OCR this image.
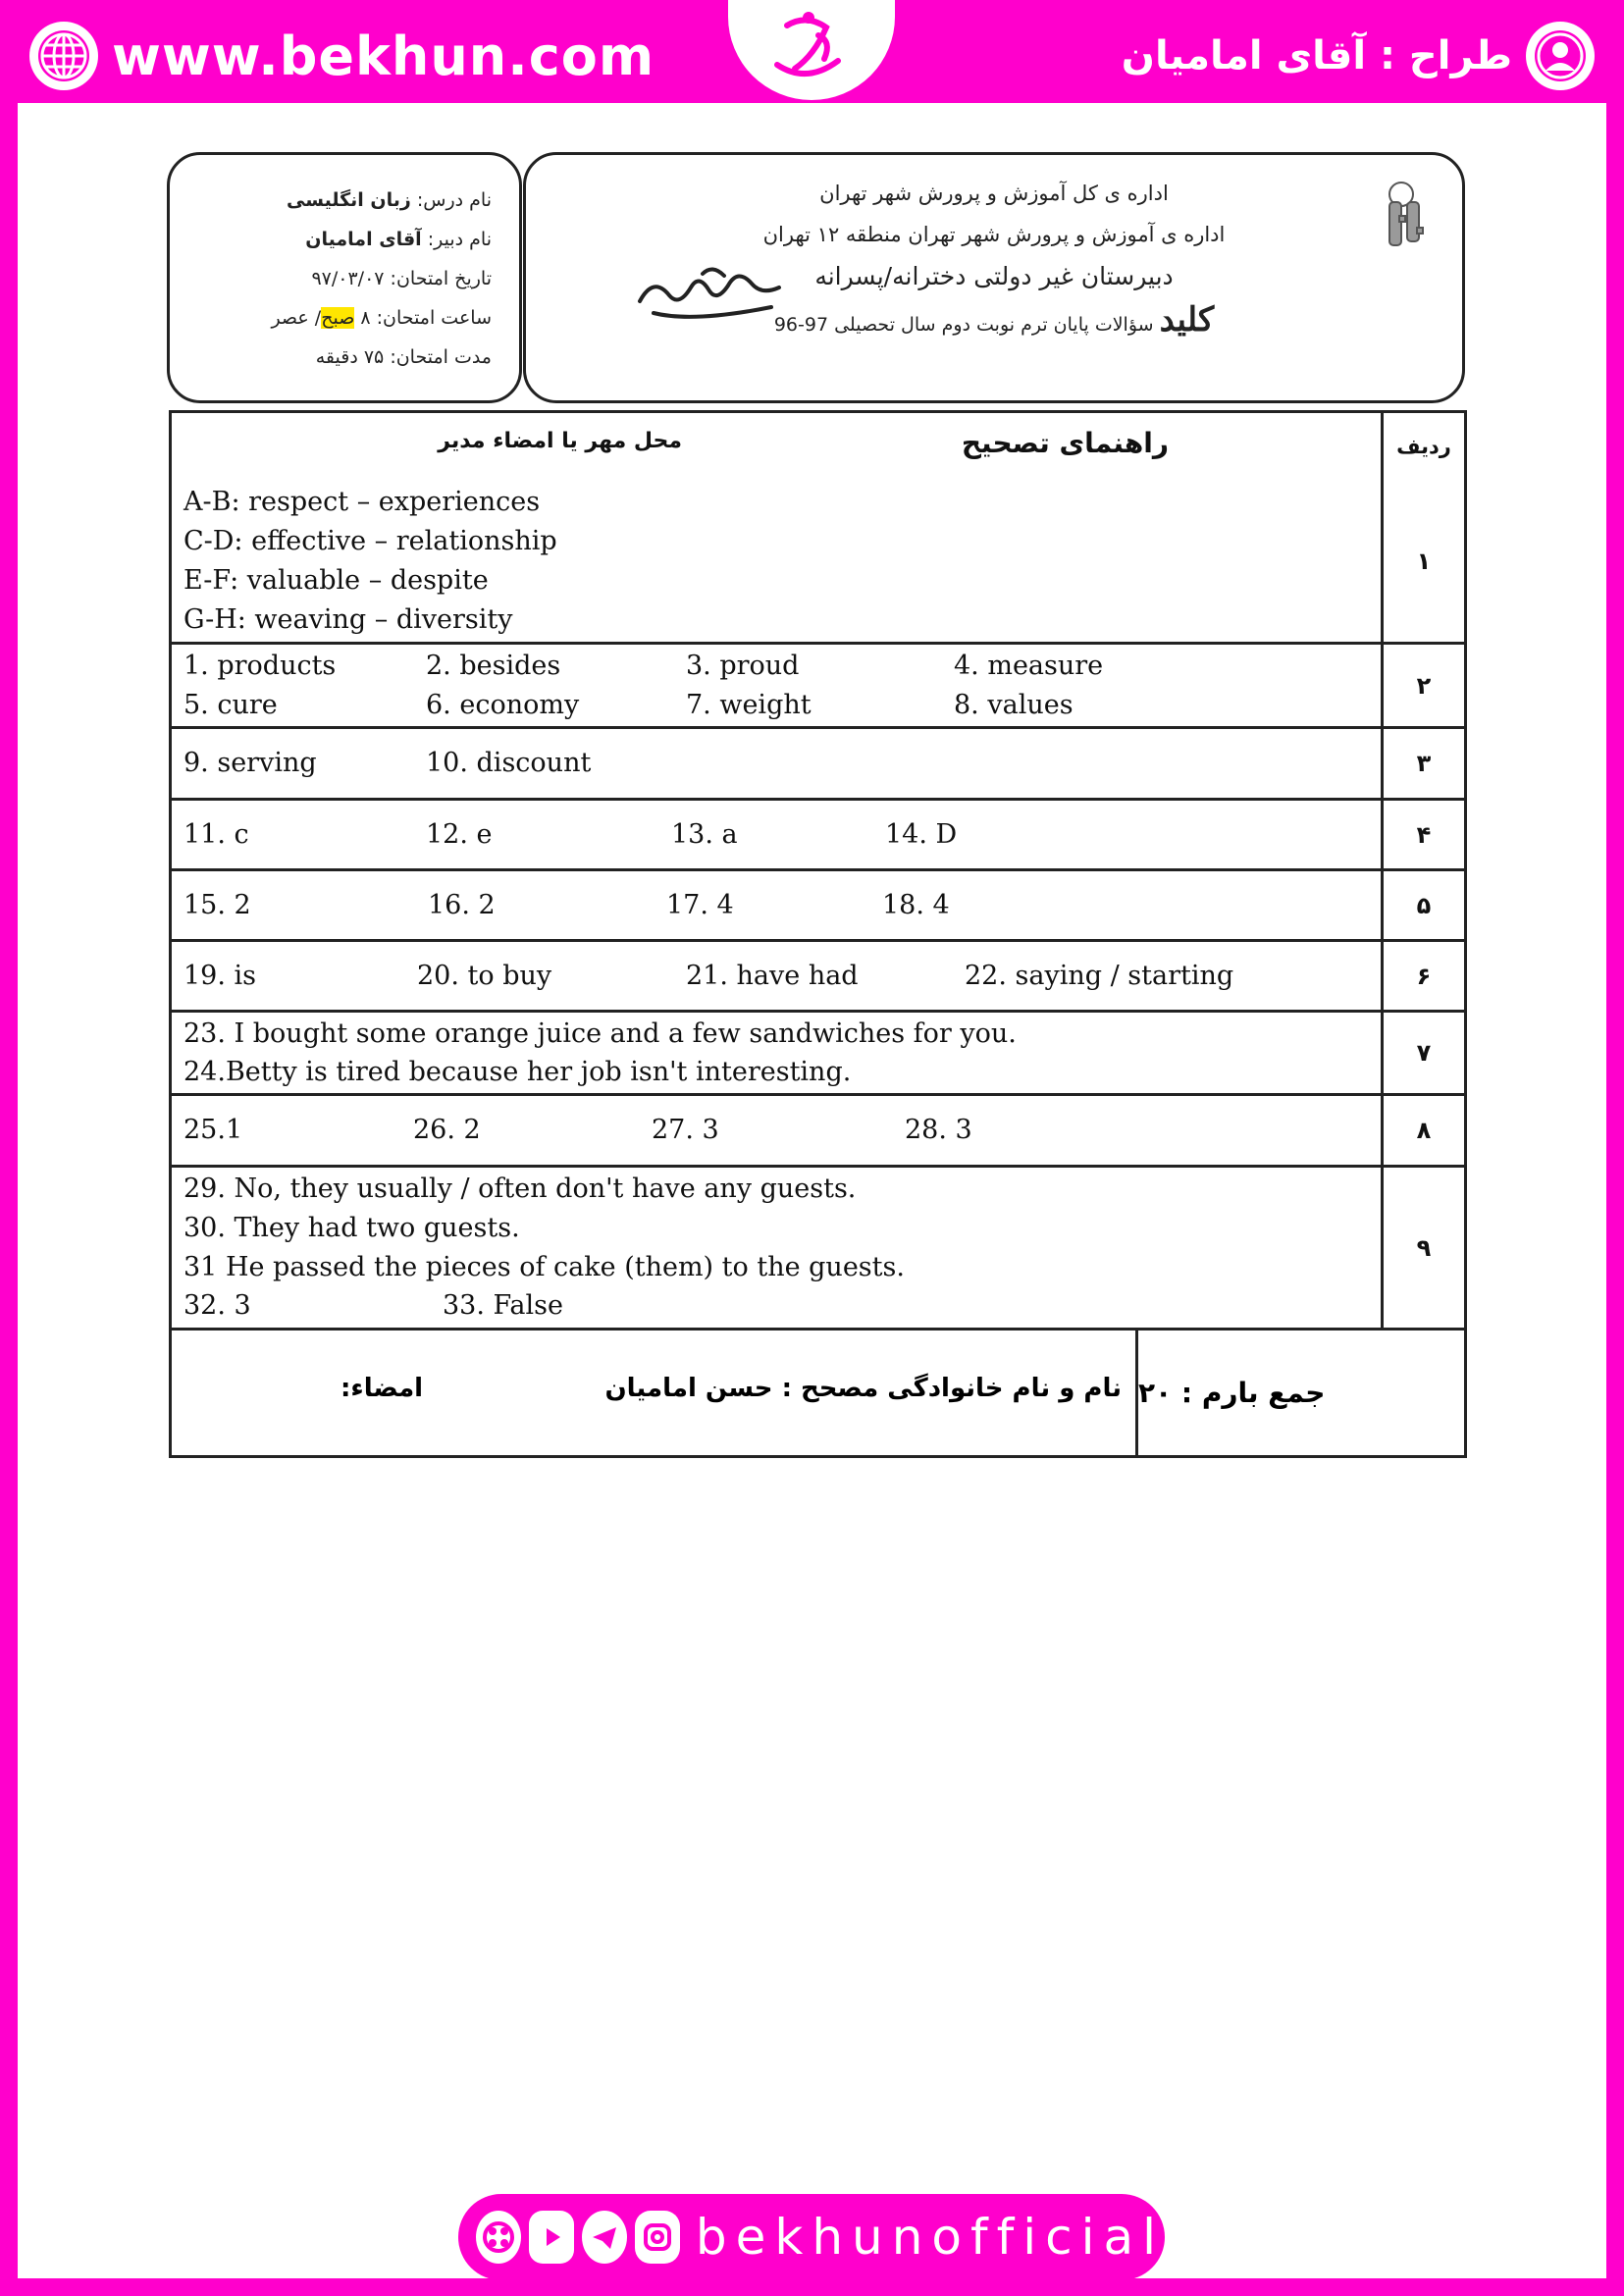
www.bekhun.com	طراح : آقای امامیان
نام درس: زبان انگلیسی
نام دبیر: آقای امامیان
تاریخ امتحان: ۹۷/۰۳/۰۷
ساعت امتحان: ۸ صبح/ عصر
مدت امتحان: ۷۵ دقیقه
اداره ی کل آموزش و پرورش شهر تهران
اداره ی آموزش و پرورش شهر تهران منطقه ۱۲ تهران
دبیرستان غیر دولتی دخترانه/پسرانه
کلید سؤالات پایان ترم نوبت دوم سال تحصیلی 97-96
راهنمای تصحیح
محل مهر یا امضاء مدیر	ردیف
A-B: respect – experiences
C-D: effective – relationship
E-F: valuable – despite
G-H: weaving – diversity
۱
1. products	2. besides	3. proud	4. measure
5. cure	6. economy	7. weight	8. values
۲
9. serving	10. discount	۳
11. c	12. e	13. a	14. D	۴
15. 2	16. 2	17. 4	18. 4	۵
19. is	20. to buy	21. have had	22. saying / starting	۶
23. I bought some orange juice and a few sandwiches for you.
24.Betty is tired because her job isn't interesting.
۷
25.1	26. 2	27. 3	28. 3	۸
29. No, they usually / often don't have any guests.
30. They had two guests.
31 He passed the pieces of cake (them) to the guests.
32. 3	33. False
۹
نام و نام خانوادگی مصحح : حسن امامیان
امضاء:	جمع بارم : ۲۰
bekhunofficial
